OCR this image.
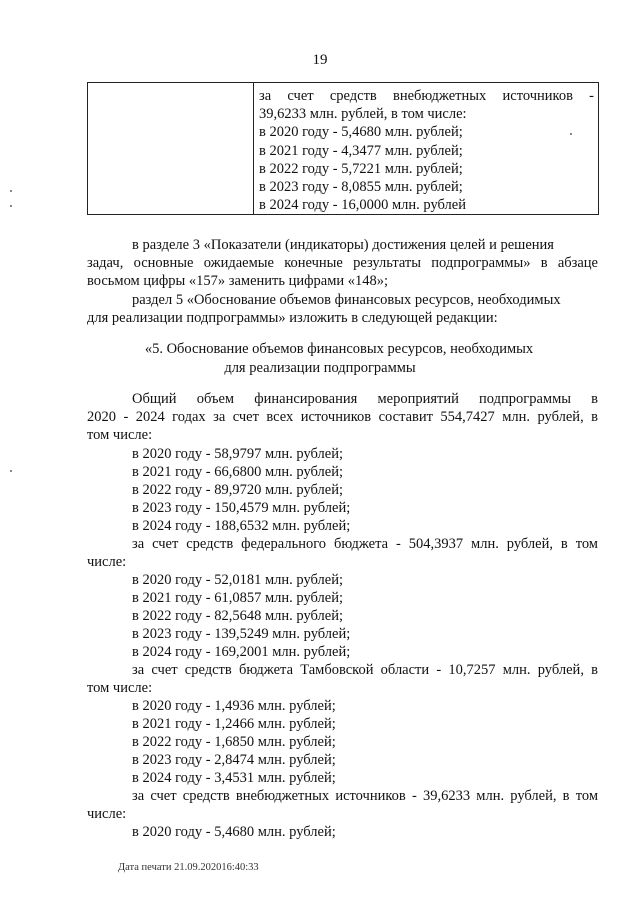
19

за счет средств внебюджетных источников -
39,6233 млн. рублей, в том числе:
в 2020 году - 5,4680 млн. рублей;
в 2021 году - 4,3477 млн. рублей;
в 2022 году - 5,7221 млн. рублей;
в 2023 году - 8,0855 млн. рублей;
в 2024 году - 16,0000 млн. рублей
в разделе 3 «Показатели (индикаторы) достижения целей и решения
задач, основные ожидаемые конечные результаты подпрограммы» в абзаце
восьмом цифры «157» заменить цифрами «148»;
раздел 5 «Обоснование объемов финансовых ресурсов, необходимых
для реализации подпрограммы» изложить в следующей редакции:
«5. Обоснование объемов финансовых ресурсов, необходимых
для реализации подпрограммы
Общий объем финансирования мероприятий подпрограммы в
2020 - 2024 годах за счет всех источников составит 554,7427 млн. рублей, в
том числе:
в 2020 году - 58,9797 млн. рублей;
в 2021 году - 66,6800 млн. рублей;
в 2022 году - 89,9720 млн. рублей;
в 2023 году - 150,4579 млн. рублей;
в 2024 году - 188,6532 млн. рублей;
за счет средств федерального бюджета - 504,3937 млн. рублей, в том
числе:
в 2020 году - 52,0181 млн. рублей;
в 2021 году - 61,0857 млн. рублей;
в 2022 году - 82,5648 млн. рублей;
в 2023 году - 139,5249 млн. рублей;
в 2024 году - 169,2001 млн. рублей;
за счет средств бюджета Тамбовской области - 10,7257 млн. рублей, в
том числе:
в 2020 году - 1,4936 млн. рублей;
в 2021 году - 1,2466 млн. рублей;
в 2022 году - 1,6850 млн. рублей;
в 2023 году - 2,8474 млн. рублей;
в 2024 году - 3,4531 млн. рублей;
за счет средств внебюджетных источников - 39,6233 млн. рублей, в том
числе:
в 2020 году - 5,4680 млн. рублей;
Дата печати 21.09.202016:40:33
